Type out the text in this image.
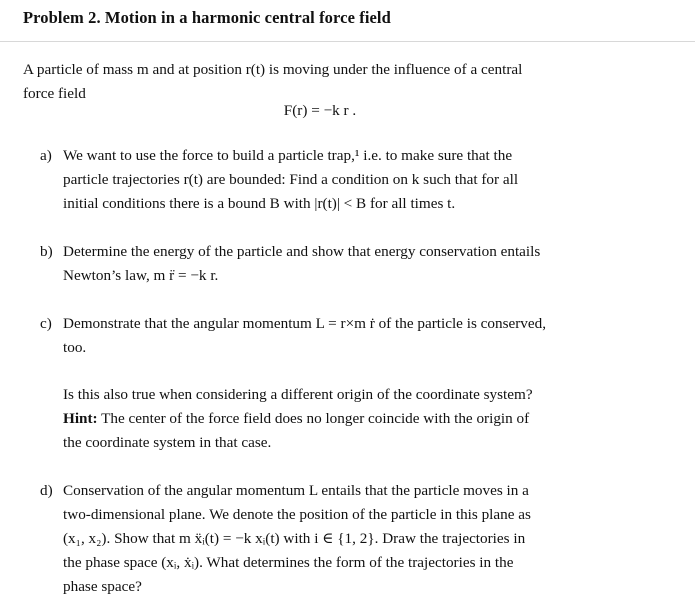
Problem 2. Motion in a harmonic central force field
A particle of mass m and at position r(t) is moving under the influence of a central
force field
F(r) = −k r .
a) We want to use the force to build a particle trap,¹ i.e. to make sure that the
particle trajectories r(t) are bounded: Find a condition on k such that for all
initial conditions there is a bound B with |r(t)| < B for all times t.
b) Determine the energy of the particle and show that energy conservation entails
Newton’s law, m r̈ = −k r.
c) Demonstrate that the angular momentum L = r×m ṙ of the particle is conserved,
too.
Is this also true when considering a different origin of the coordinate system?
Hint: The center of the force field does no longer coincide with the origin of
the coordinate system in that case.
d) Conservation of the angular momentum L entails that the particle moves in a
two-dimensional plane. We denote the position of the particle in this plane as
(x₁, x₂). Show that m ẍᵢ(t) = −k xᵢ(t) with i ∈ {1, 2}. Draw the trajectories in
the phase space (xᵢ, ẋᵢ). What determines the form of the trajectories in the
phase space?
